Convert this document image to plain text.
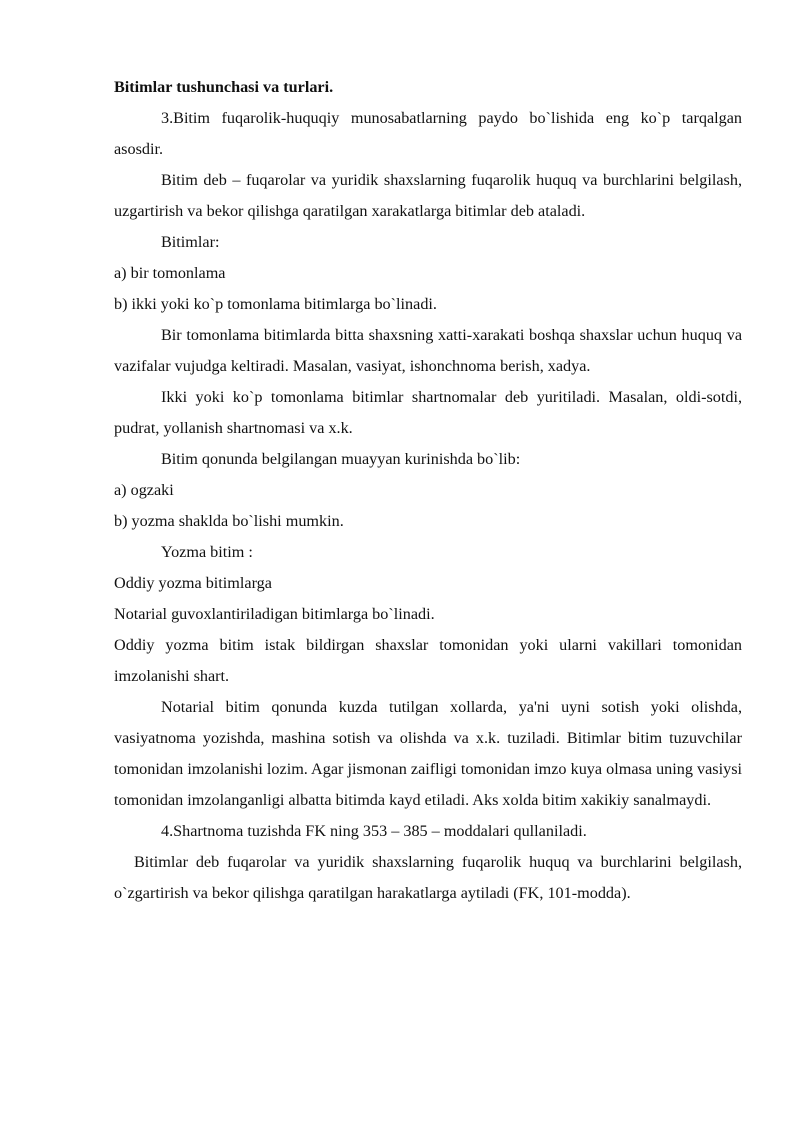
Bitimlar tushunchasi va turlari.

3.Bitim fuqarolik-huquqiy munosabatlarning paydo bo`lishida eng ko`p tarqalgan asosdir.

Bitim deb – fuqarolar va yuridik shaxslarning fuqarolik huquq va burchlarini belgilash, uzgartirish va bekor qilishga qaratilgan xarakatlarga bitimlar deb ataladi.

Bitimlar:

a) bir tomonlama

b) ikki yoki ko`p tomonlama bitimlarga bo`linadi.

Bir tomonlama bitimlarda bitta shaxsning xatti-xarakati boshqa shaxslar uchun huquq va vazifalar vujudga keltiradi. Masalan, vasiyat, ishonchnoma berish, xadya.

Ikki yoki ko`p tomonlama bitimlar shartnomalar deb yuritiladi. Masalan, oldi-sotdi, pudrat, yollanish shartnomasi va x.k.

Bitim qonunda belgilangan muayyan kurinishda bo`lib:

a) ogzaki

b) yozma shaklda bo`lishi mumkin.

Yozma bitim :

Oddiy yozma bitimlarga

Notarial guvoxlantiriladigan bitimlarga bo`linadi.

Oddiy yozma bitim istak bildirgan shaxslar tomonidan yoki ularni vakillari tomonidan imzolanishi shart.

Notarial bitim qonunda kuzda tutilgan xollarda, ya'ni uyni sotish yoki olishda, vasiyatnoma yozishda, mashina sotish va olishda va x.k. tuziladi. Bitimlar bitim tuzuvchilar tomonidan imzolanishi lozim. Agar jismonan zaifligi tomonidan imzo kuya olmasa uning vasiysi tomonidan imzolanganligi albatta bitimda kayd etiladi. Aks xolda bitim xakikiy sanalmaydi.

4.Shartnoma tuzishda FK ning 353 – 385 – moddalari qullaniladi.

Bitimlar deb fuqarolar va yuridik shaxslarning fuqarolik huquq va burchlarini belgilash, o`zgartirish va bekor qilishga qaratilgan harakatlarga aytiladi (FK, 101-modda).
